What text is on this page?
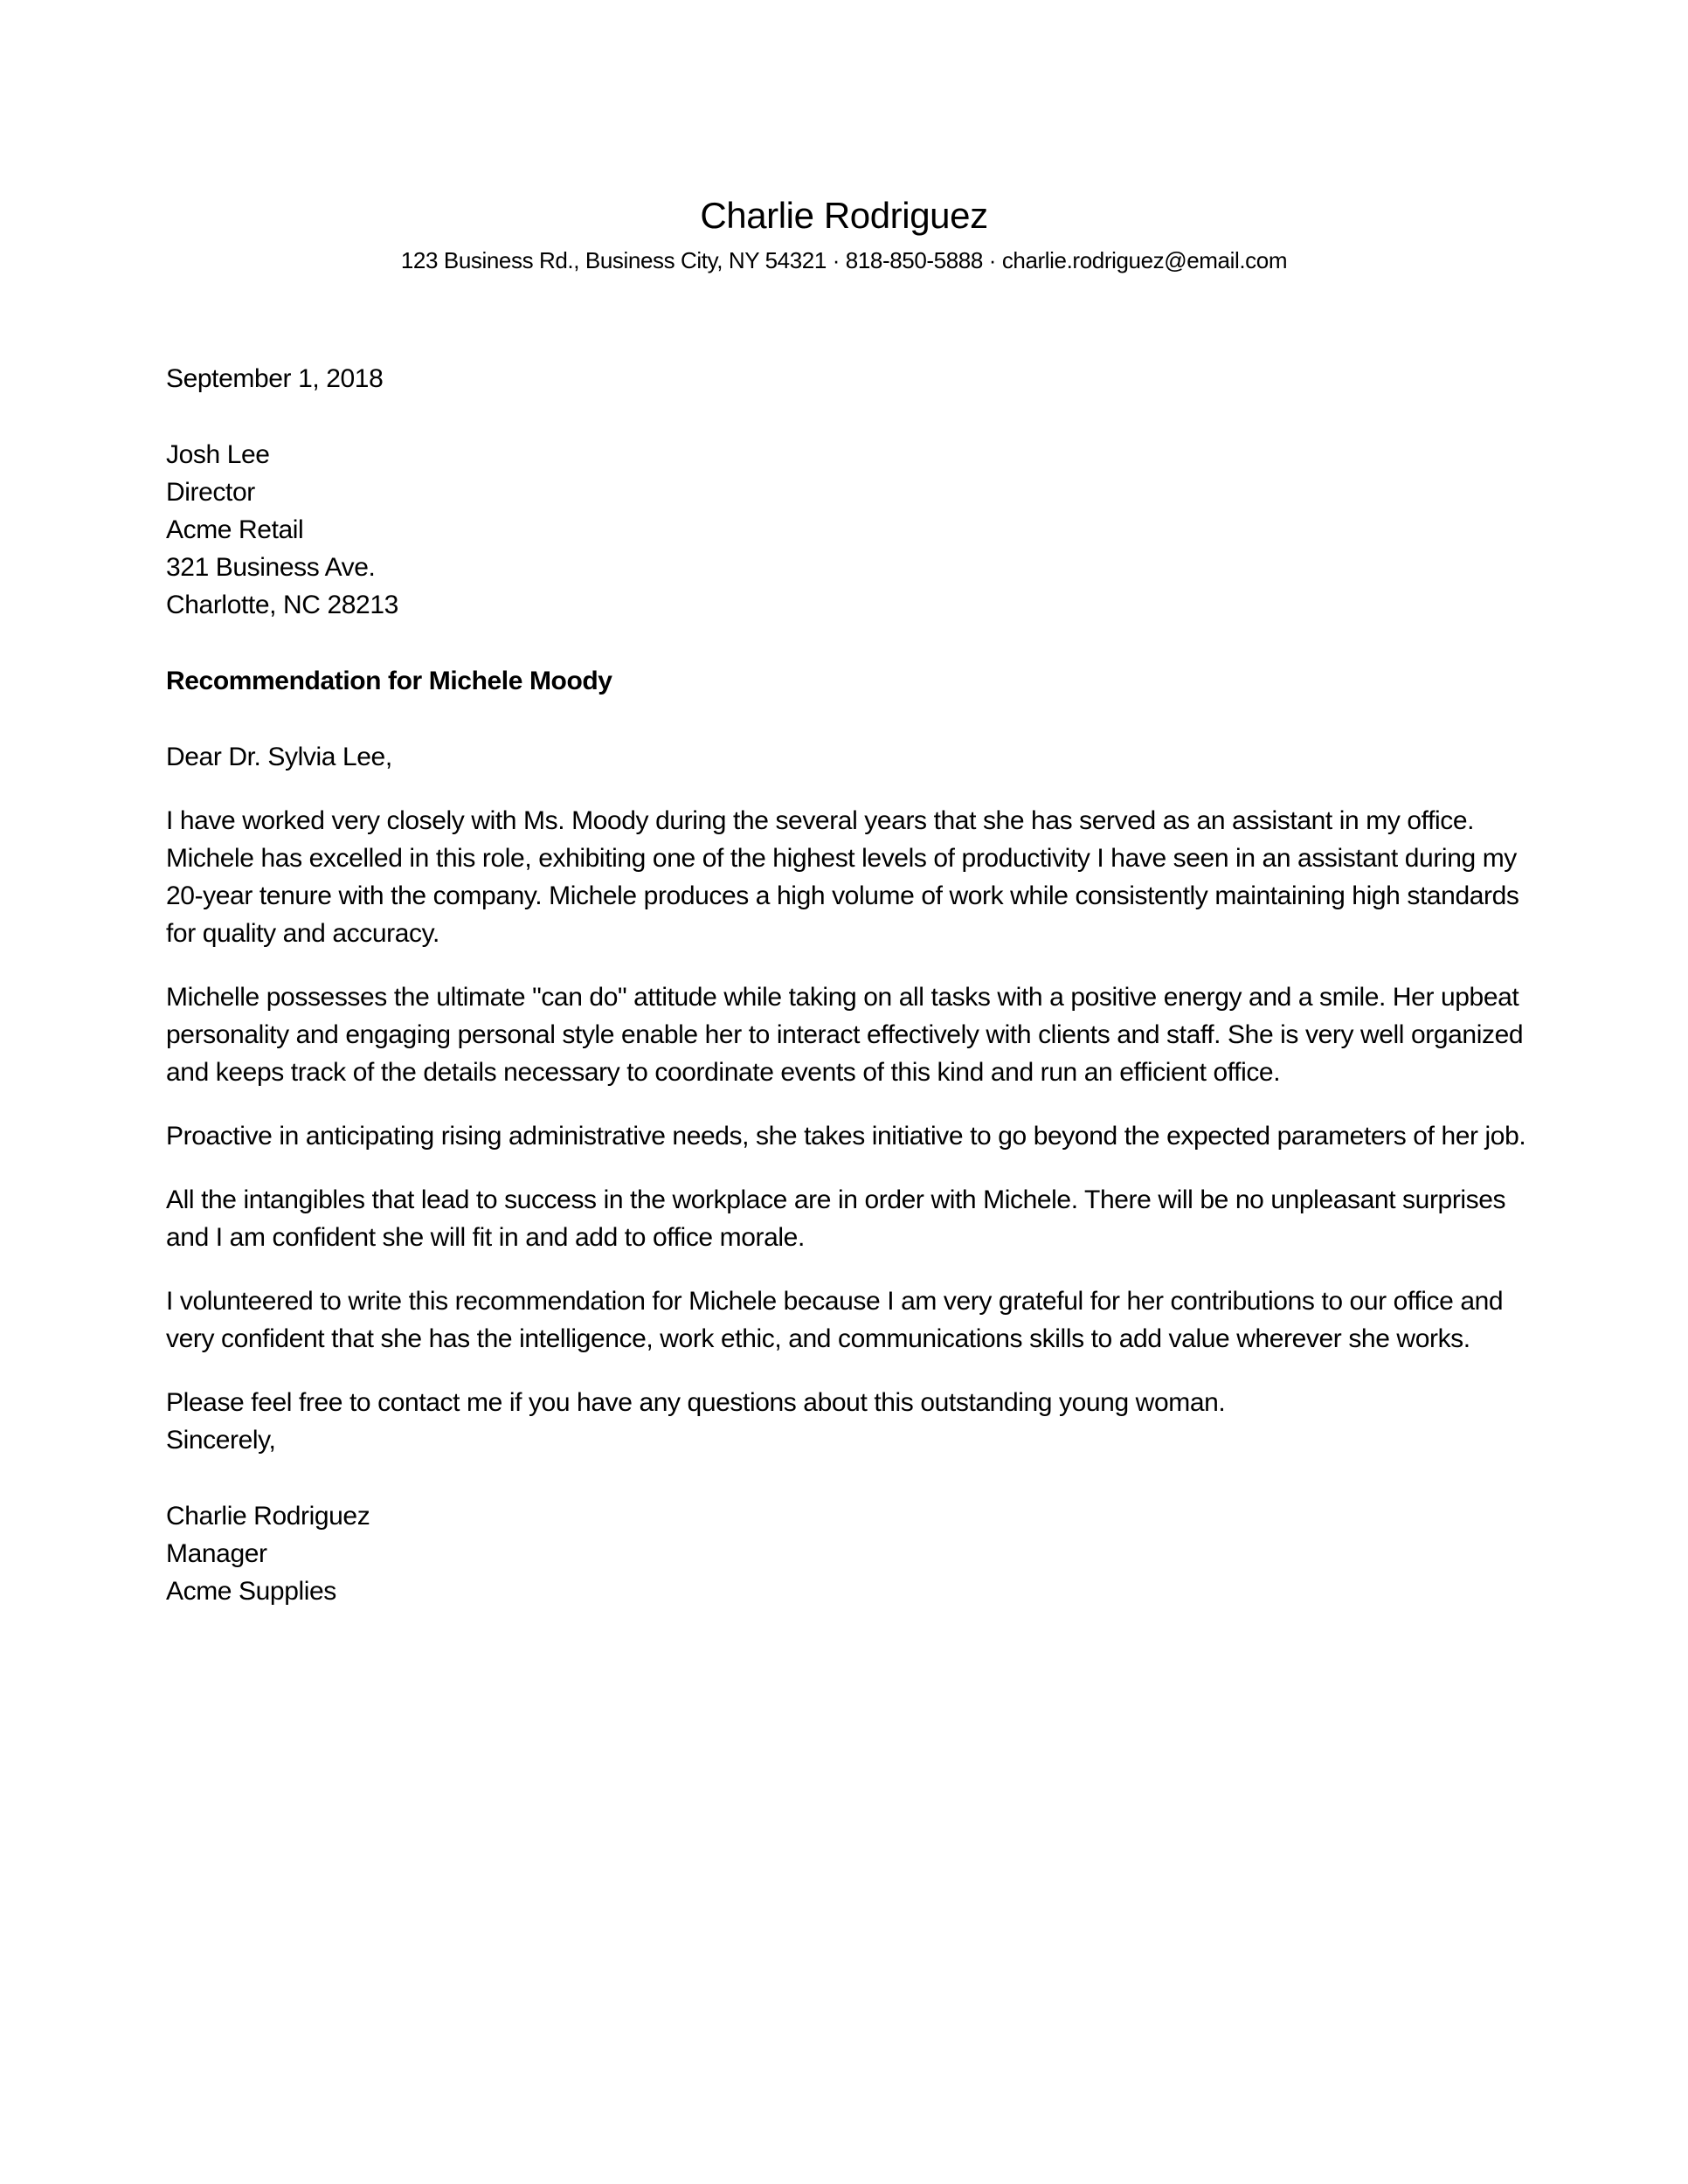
Charlie Rodriguez
123 Business Rd., Business City, NY 54321 · 818-850-5888 · charlie.rodriguez@email.com
September 1, 2018
Josh Lee
Director
Acme Retail
321 Business Ave.
Charlotte, NC 28213
Recommendation for Michele Moody

Dear Dr. Sylvia Lee,

I have worked very closely with Ms. Moody during the several years that she has served as an assistant in my office. Michele has excelled in this role, exhibiting one of the highest levels of productivity I have seen in an assistant during my 20-year tenure with the company. Michele produces a high volume of work while consistently maintaining high standards for quality and accuracy.

Michelle possesses the ultimate "can do" attitude while taking on all tasks with a positive energy and a smile. Her upbeat personality and engaging personal style enable her to interact effectively with clients and staff. She is very well organized and keeps track of the details necessary to coordinate events of this kind and run an efficient office.

Proactive in anticipating rising administrative needs, she takes initiative to go beyond the expected parameters of her job.

All the intangibles that lead to success in the workplace are in order with Michele. There will be no unpleasant surprises and I am confident she will fit in and add to office morale.

I volunteered to write this recommendation for Michele because I am very grateful for her contributions to our office and very confident that she has the intelligence, work ethic, and communications skills to add value wherever she works.

Please feel free to contact me if you have any questions about this outstanding young woman.
Sincerely,

Charlie Rodriguez
Manager
Acme Supplies
